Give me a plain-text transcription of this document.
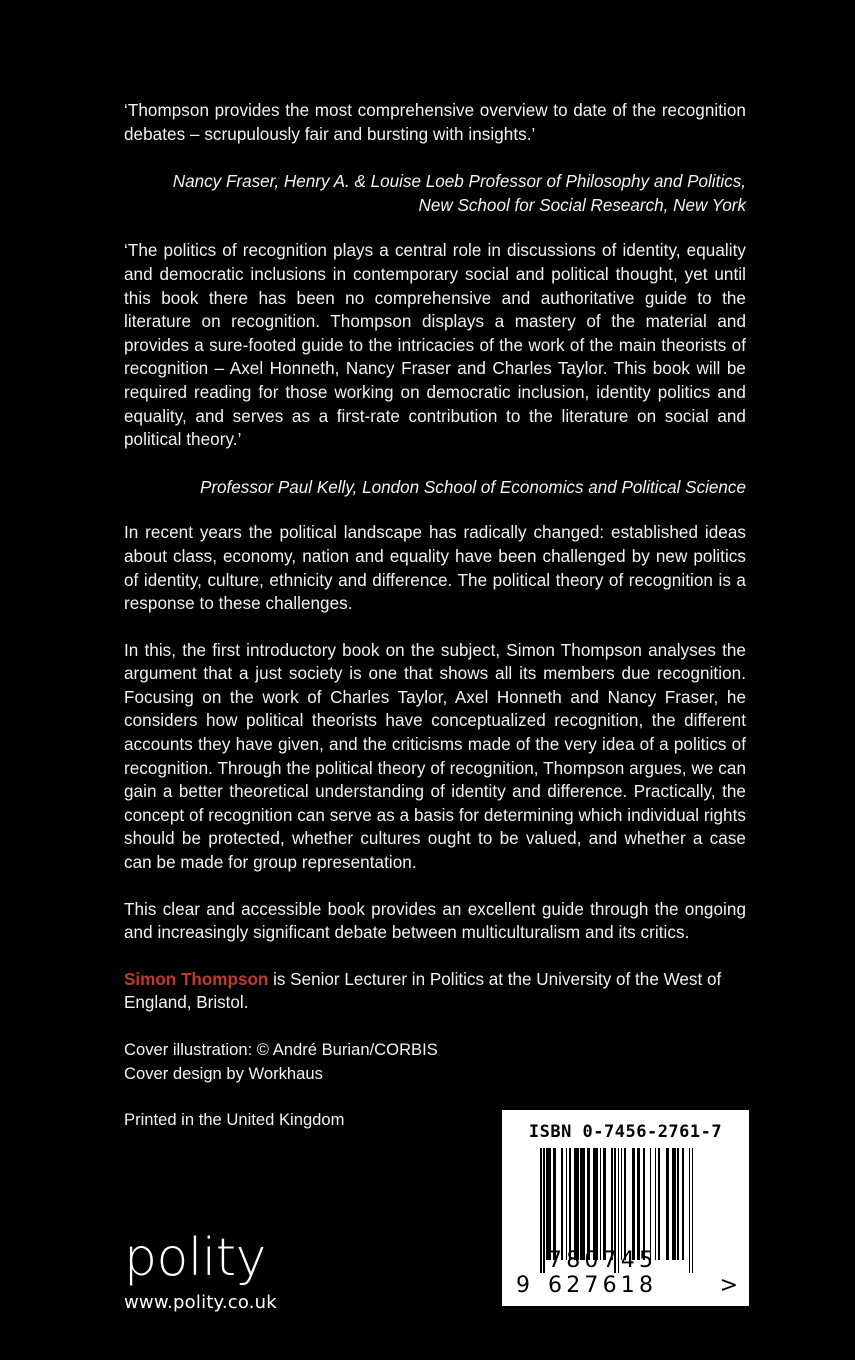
‘Thompson provides the most comprehensive overview to date of the recognition debates – scrupulously fair and bursting with insights.’

Nancy Fraser, Henry A. & Louise Loeb Professor of Philosophy and Politics,
New School for Social Research, New York

‘The politics of recognition plays a central role in discussions of identity, equality and democratic inclusions in contemporary social and political thought, yet until this book there has been no comprehensive and authoritative guide to the literature on recognition. Thompson displays a mastery of the material and provides a sure-footed guide to the intricacies of the work of the main theorists of recognition – Axel Honneth, Nancy Fraser and Charles Taylor. This book will be required reading for those working on democratic inclusion, identity politics and equality, and serves as a first-rate contribution to the literature on social and political theory.’

Professor Paul Kelly, London School of Economics and Political Science

In recent years the political landscape has radically changed: established ideas about class, economy, nation and equality have been challenged by new politics of identity, culture, ethnicity and difference. The political theory of recognition is a response to these challenges.

In this, the first introductory book on the subject, Simon Thompson analyses the argument that a just society is one that shows all its members due recognition. Focusing on the work of Charles Taylor, Axel Honneth and Nancy Fraser, he considers how political theorists have conceptualized recognition, the different accounts they have given, and the criticisms made of the very idea of a politics of recognition. Through the political theory of recognition, Thompson argues, we can gain a better theoretical understanding of identity and difference. Practically, the concept of recognition can serve as a basis for determining which individual rights should be protected, whether cultures ought to be valued, and whether a case can be made for group representation.

This clear and accessible book provides an excellent guide through the ongoing and increasingly significant debate between multiculturalism and its critics.

Simon Thompson is Senior Lecturer in Politics at the University of the West of England, Bristol.

Cover illustration: © André Burian/CORBIS
Cover design by Workhaus
Printed in the United Kingdom
polity
www.polity.co.uk
ISBN 0-7456-2761-7
9
780745 627618	>
